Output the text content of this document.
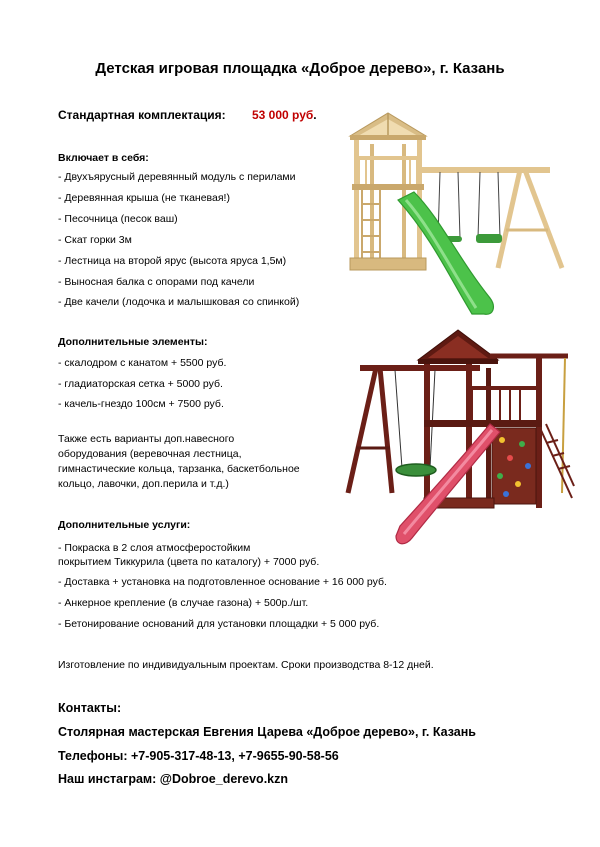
Детская игровая площадка «Доброе дерево», г. Казань
Стандартная комплектация: 53 000 руб.
Включает в себя:
- Двухъярусный деревянный модуль с перилами
- Деревянная крыша (не тканевая!)
- Песочница (песок ваш)
- Скат горки 3м
- Лестница на второй ярус (высота яруса 1,5м)
- Выносная балка с опорами под качели
- Две качели (лодочка и малышковая со спинкой)
Дополнительные элементы:
- скалодром с канатом + 5500 руб.
- гладиаторская сетка + 5000 руб.
- качель-гнездо 100см + 7500 руб.
Также есть варианты доп.навесного
оборудования (веревочная лестница,
гимнастические кольца, тарзанка, баскетбольное
кольцо, лавочки, доп.перила и т.д.)
Дополнительные услуги:
- Покраска в 2 слоя атмосферостойким
покрытием Тиккурила (цвета по каталогу) + 7000 руб.
- Доставка + установка на подготовленное основание + 16 000 руб.
- Анкерное крепление (в случае газона) + 500р./шт.
- Бетонирование оснований для установки площадки + 5 000 руб.
Изготовление по индивидуальным проектам. Сроки производства 8-12 дней.
Контакты:
Столярная мастерская Евгения Царева «Доброе дерево», г. Казань
Телефоны: +7-905-317-48-13, +7-9655-90-58-56
Наш инстаграм: @Dobroe_derevo.kzn
